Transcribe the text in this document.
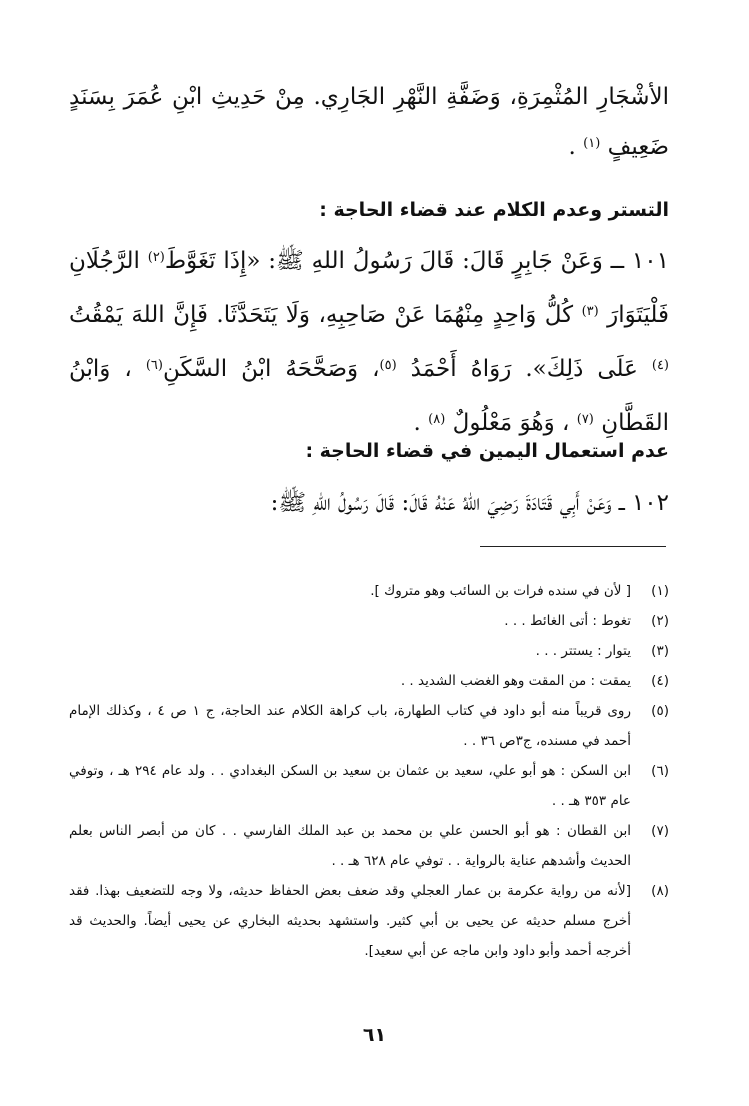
الأشْجَارِ المُثْمِرَةِ، وَضَفَّةِ النَّهْرِ الجَارِي. مِنْ حَدِيثِ ابْنِ عُمَرَ بِسَنَدٍ ضَعِيفٍ $^{(١)}$ .

التستر وعدم الكلام عند قضاء الحاجة :

١٠١ ــ وَعَنْ جَابِرٍ قَالَ: قَالَ رَسُولُ اللهِ ﷺ: «إِذَا تَغَوَّطَ$^{(٢)}$ الرَّجُلَانِ فَلْيَتَوَارَ $^{(٣)}$ كُلُّ وَاحِدٍ مِنْهُمَا عَنْ صَاحِبِهِ، وَلَا يَتَحَدَّثَا. فَإِنَّ اللهَ يَمْقُتُ $^{(٤)}$ عَلَى ذَلِكَ». رَوَاهُ أَحْمَدُ $^{(٥)}$، وَصَحَّحَهُ ابْنُ السَّكَنِ$^{(٦)}$ ، وَابْنُ القَطَّانِ $^{(٧)}$ ، وَهُوَ مَعْلُولٌ $^{(٨)}$ .

عدم استعمال اليمين في قضاء الحاجة :

١٠٢ ــ وَعَنْ أَبِي قَتَادَةَ رَضِيَ اللهُ عَنْهُ قَالَ: قَالَ رَسُولُ اللهِ ﷺ:

(١)
[ لأن في سنده فرات بن السائب وهو متروك ].
(٢)
تغوط : أتى الغائط . . .
(٣)
يتوار : يستتر . . .
(٤)
يمقت : من المقت وهو الغضب الشديد . .
(٥)
روى قريباً منه أبو داود في كتاب الطهارة، باب كراهة الكلام عند الحاجة، ج ١ ص ٤ ، وكذلك الإمام أحمد في مسنده، ج٣ص ٣٦ . .
(٦)
ابن السكن : هو أبو علي، سعيد بن عثمان بن سعيد بن السكن البغدادي . . ولد عام ٢٩٤ هـ ، وتوفي عام ٣٥٣ هـ . .
(٧)
ابن القطان : هو أبو الحسن علي بن محمد بن عبد الملك الفارسي . . كان من أبصر الناس بعلم الحديث وأشدهم عناية بالرواية . . توفي عام ٦٢٨ هـ . .
(٨)
[لأنه من رواية عكرمة بن عمار العجلي وقد ضعف بعض الحفاظ حديثه، ولا وجه للتضعيف بهذا. فقد أخرج مسلم حديثه عن يحيى بن أبي كثير. واستشهد بحديثه البخاري عن يحيى أيضاً. والحديث قد أخرجه أحمد وأبو داود وابن ماجه عن أبي سعيد].
٦١
